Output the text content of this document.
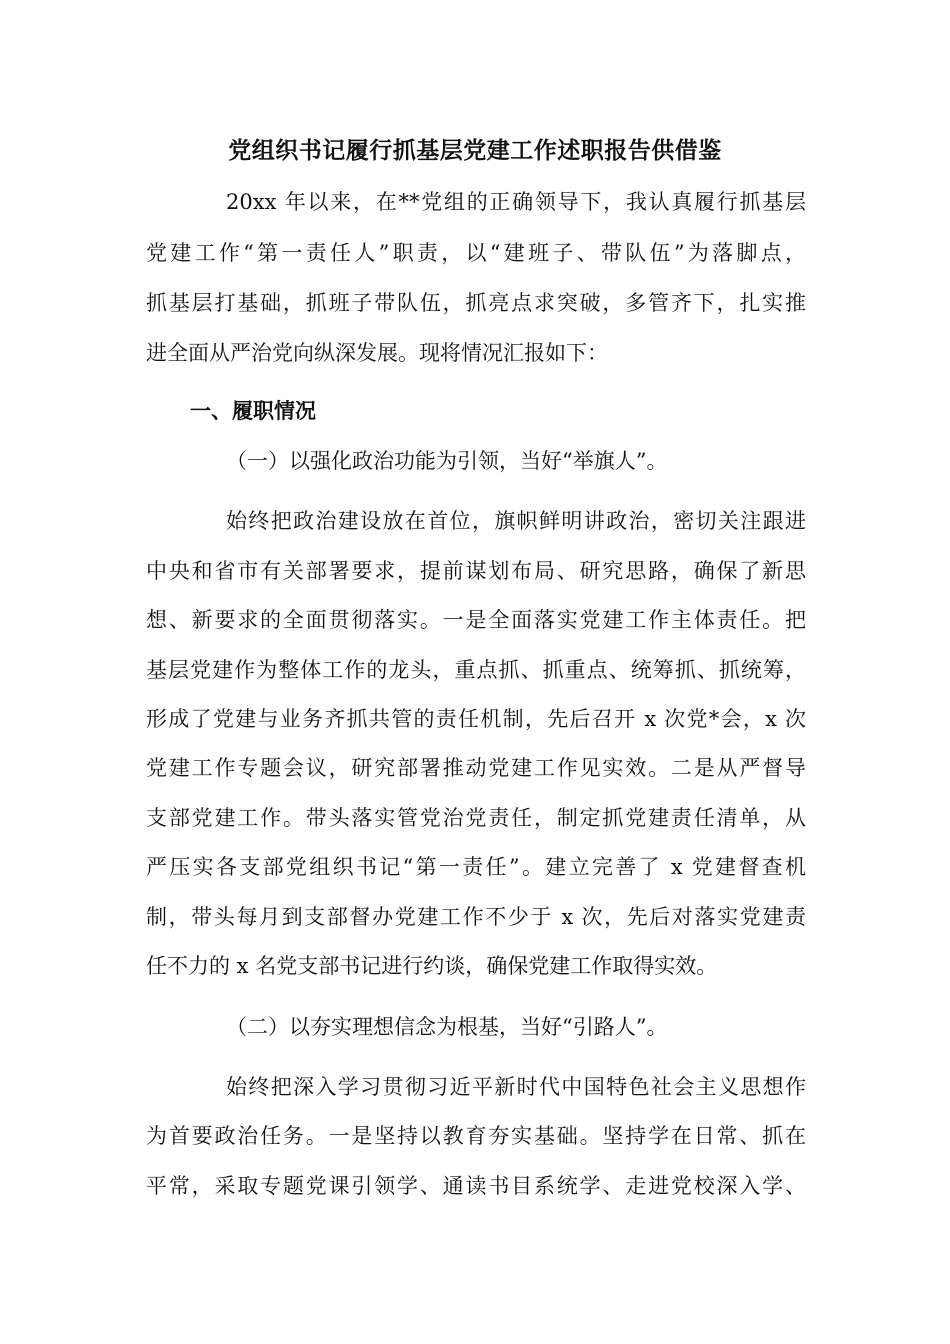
党组织书记履行抓基层党建工作述职报告供借鉴
20xx 年以来，在**党组的正确领导下，我认真履行抓基层
党建工作“第一责任人”职责，以“建班子、带队伍”为落脚点，
抓基层打基础，抓班子带队伍，抓亮点求突破，多管齐下，扎实推
进全面从严治党向纵深发展。现将情况汇报如下：
一、履职情况
（一）以强化政治功能为引领，当好“举旗人”。
始终把政治建设放在首位，旗帜鲜明讲政治，密切关注跟进
中央和省市有关部署要求，提前谋划布局、研究思路，确保了新思
想、新要求的全面贯彻落实。一是全面落实党建工作主体责任。把
基层党建作为整体工作的龙头，重点抓、抓重点、统筹抓、抓统筹，
形成了党建与业务齐抓共管的责任机制，先后召开 x 次党*会，x 次
党建工作专题会议，研究部署推动党建工作见实效。二是从严督导
支部党建工作。带头落实管党治党责任，制定抓党建责任清单，从
严压实各支部党组织书记“第一责任”。建立完善了 x 党建督查机
制，带头每月到支部督办党建工作不少于 x 次，先后对落实党建责
任不力的 x 名党支部书记进行约谈，确保党建工作取得实效。
（二）以夯实理想信念为根基，当好“引路人”。
始终把深入学习贯彻习近平新时代中国特色社会主义思想作
为首要政治任务。一是坚持以教育夯实基础。坚持学在日常、抓在
平常，采取专题党课引领学、通读书目系统学、走进党校深入学、
